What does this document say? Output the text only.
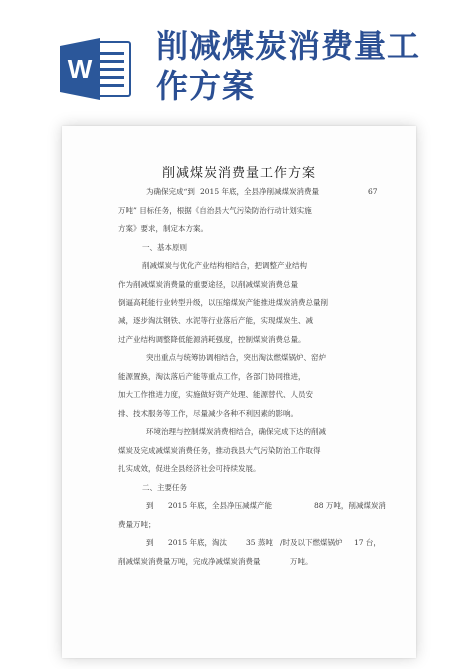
W
削减煤炭消费量工
作方案
削减煤炭消费量工作方案
为确保完成“到 2015 年底，全县净削减煤炭消费量	67
万吨” 目标任务，根据《自治县大气污染防治行动计划实施
方案》要求，制定本方案。
一、基本原则
削减煤炭与优化产业结构相结合，把调整产业结构
作为削减煤炭消费量的重要途径，以削减煤炭消费总量
倒逼高耗能行业转型升级，以压缩煤炭产能推进煤炭消费总量削
减，逐步淘汰钢铁、水泥等行业落后产能，实现煤炭生、减
过产业结构调整降低能源消耗强度，控制煤炭消费总量。
突出重点与统筹协调相结合，突出淘汰燃煤锅炉、窑炉
能源置换，淘汰落后产能等重点工作，各部门协同推进，
加大工作推进力度，实施做好资产处理、能源替代、人员安
排、技术服务等工作，尽量减少各种不利因素的影响。
环境治理与控制煤炭消费相结合，确保完成下达的削减
煤炭及完成减煤炭消费任务，推动我县大气污染防治工作取得
扎实成效，促进全县经济社会可持续发展。
二、主要任务
到 2015 年底，全县净压减煤产能	88 万吨，削减煤炭消
费量万吨；
到 2015 年底，淘汰	35 蒸吨 /时及以下燃煤锅炉 17 台，
削减煤炭消费量万吨，完成净减煤炭消费量	万吨。
